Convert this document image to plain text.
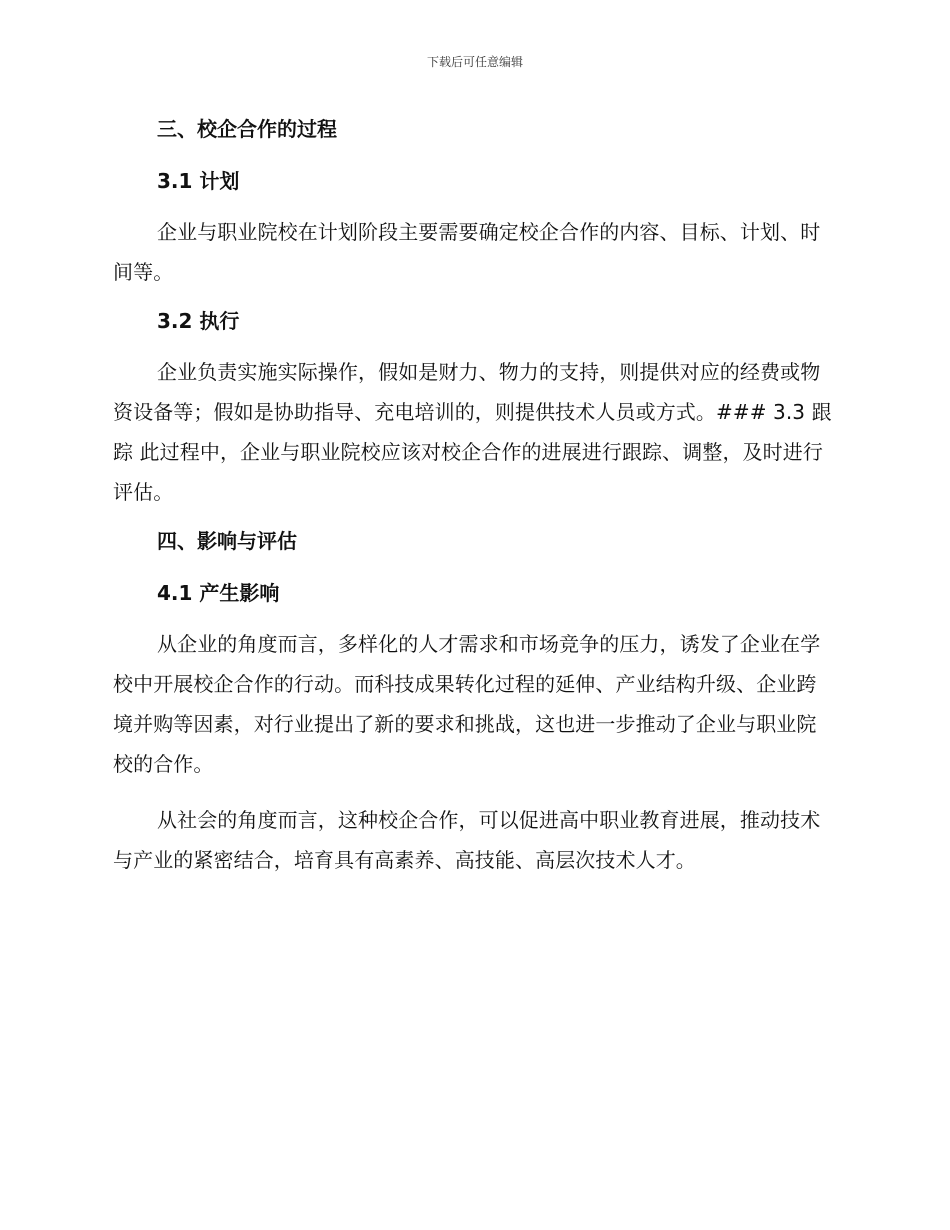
下载后可任意编辑
三、校企合作的过程
3.1 计划

企业与职业院校在计划阶段主要需要确定校企合作的内容、目标、计划、时间等。

3.2 执行

企业负责实施实际操作，假如是财力、物力的支持，则提供对应的经费或物资设备等；假如是协助指导、充电培训的，则提供技术人员或方式。### 3.3 跟踪 此过程中，企业与职业院校应该对校企合作的进展进行跟踪、调整，及时进行评估。

四、影响与评估
4.1 产生影响

从企业的角度而言，多样化的人才需求和市场竞争的压力，诱发了企业在学校中开展校企合作的行动。而科技成果转化过程的延伸、产业结构升级、企业跨境并购等因素，对行业提出了新的要求和挑战，这也进一步推动了企业与职业院校的合作。

从社会的角度而言，这种校企合作，可以促进高中职业教育进展，推动技术与产业的紧密结合，培育具有高素养、高技能、高层次技术人才。
